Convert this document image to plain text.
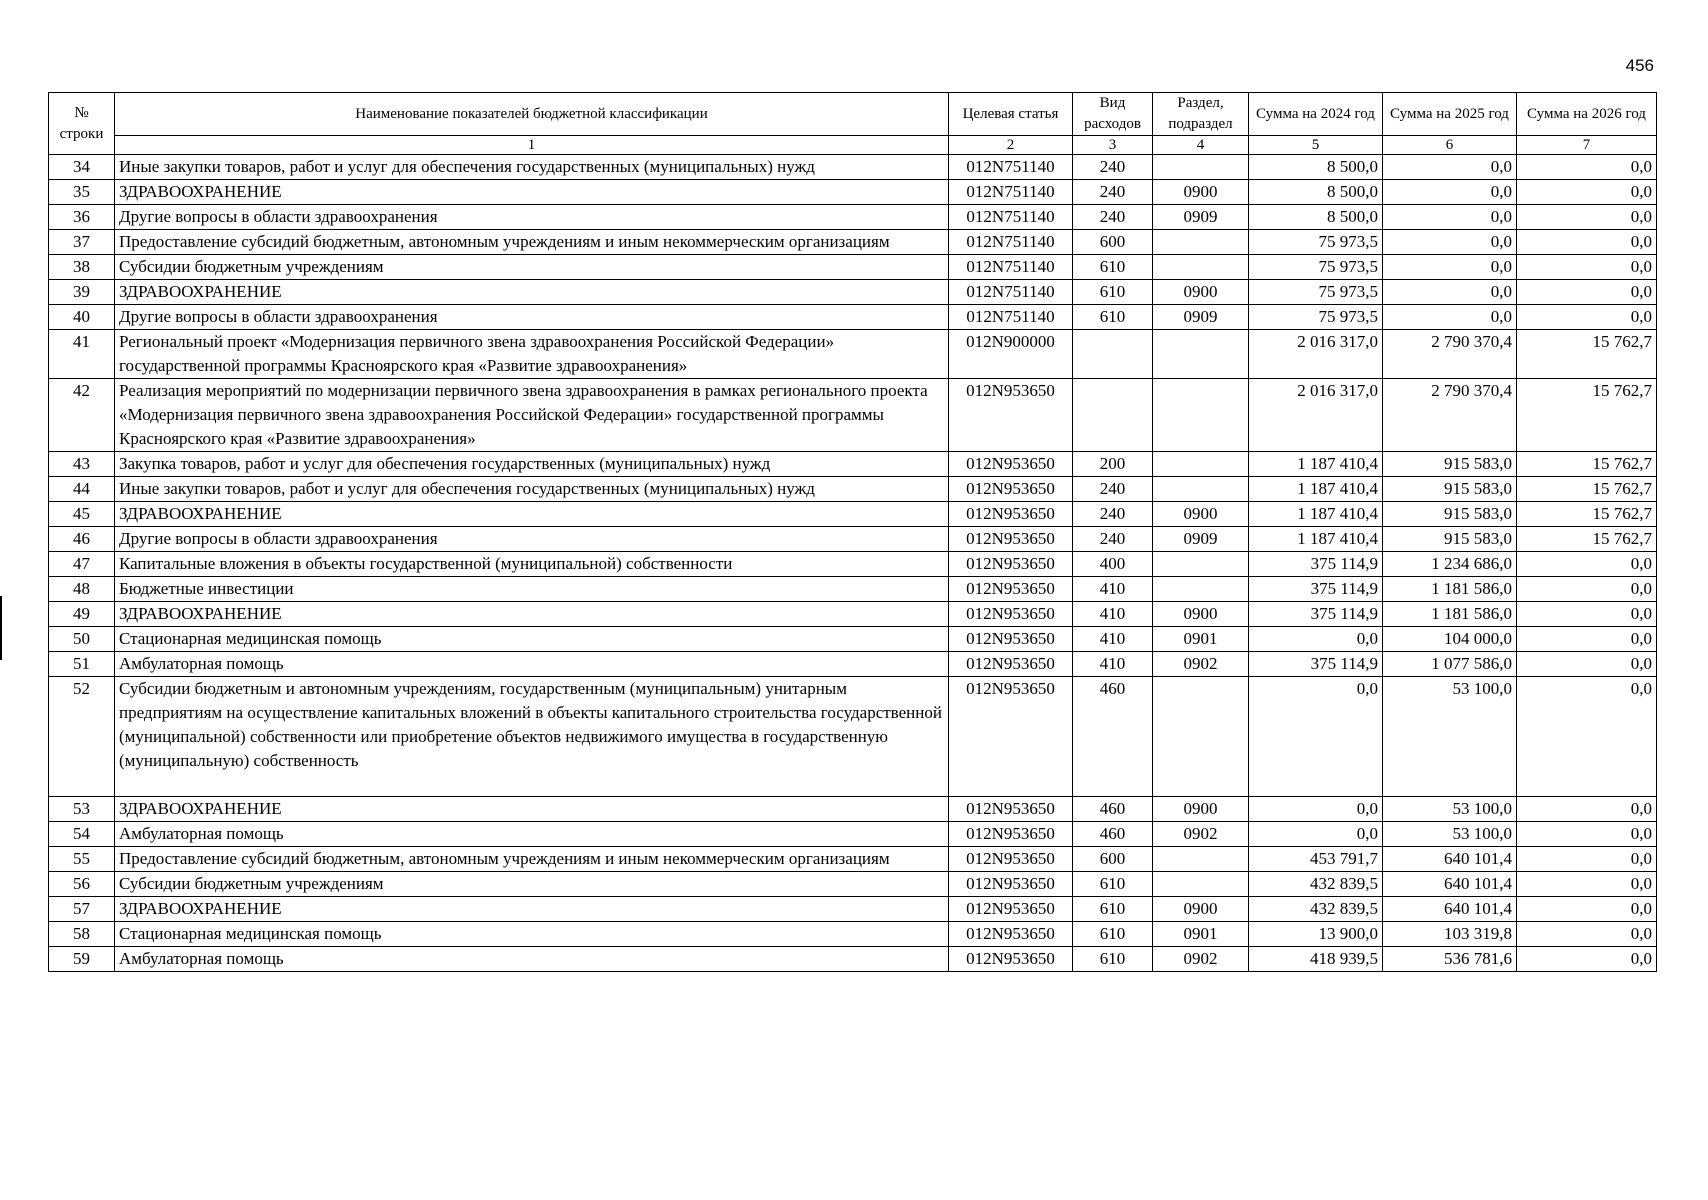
456
№ строки	Наименование показателей бюджетной классификации	Целевая статья	Вид расходов	Раздел, подраздел	Сумма на 2024 год	Сумма на 2025 год	Сумма на 2026 год
	1	2	3	4	5	6	7
34	Иные закупки товаров, работ и услуг для обеспечения государственных (муниципальных) нужд	012N751140	240		8 500,0	0,0	0,0
35	ЗДРАВООХРАНЕНИЕ	012N751140	240	0900	8 500,0	0,0	0,0
36	Другие вопросы в области здравоохранения	012N751140	240	0909	8 500,0	0,0	0,0
37	Предоставление субсидий бюджетным, автономным учреждениям и иным некоммерческим организациям	012N751140	600		75 973,5	0,0	0,0
38	Субсидии бюджетным учреждениям	012N751140	610		75 973,5	0,0	0,0
39	ЗДРАВООХРАНЕНИЕ	012N751140	610	0900	75 973,5	0,0	0,0
40	Другие вопросы в области здравоохранения	012N751140	610	0909	75 973,5	0,0	0,0
41	Региональный проект «Модернизация первичного звена здравоохранения Российской Федерации» государственной программы Красноярского края «Развитие здравоохранения»	012N900000			2 016 317,0	2 790 370,4	15 762,7
42	Реализация мероприятий по модернизации первичного звена здравоохранения в рамках регионального проекта «Модернизация первичного звена здравоохранения Российской Федерации» государственной программы Красноярского края «Развитие здравоохранения»	012N953650			2 016 317,0	2 790 370,4	15 762,7
43	Закупка товаров, работ и услуг для обеспечения государственных (муниципальных) нужд	012N953650	200		1 187 410,4	915 583,0	15 762,7
44	Иные закупки товаров, работ и услуг для обеспечения государственных (муниципальных) нужд	012N953650	240		1 187 410,4	915 583,0	15 762,7
45	ЗДРАВООХРАНЕНИЕ	012N953650	240	0900	1 187 410,4	915 583,0	15 762,7
46	Другие вопросы в области здравоохранения	012N953650	240	0909	1 187 410,4	915 583,0	15 762,7
47	Капитальные вложения в объекты государственной (муниципальной) собственности	012N953650	400		375 114,9	1 234 686,0	0,0
48	Бюджетные инвестиции	012N953650	410		375 114,9	1 181 586,0	0,0
49	ЗДРАВООХРАНЕНИЕ	012N953650	410	0900	375 114,9	1 181 586,0	0,0
50	Стационарная медицинская помощь	012N953650	410	0901	0,0	104 000,0	0,0
51	Амбулаторная помощь	012N953650	410	0902	375 114,9	1 077 586,0	0,0
52	Субсидии бюджетным и автономным учреждениям, государственным (муниципальным) унитарным предприятиям на осуществление капитальных вложений в объекты капитального строительства государственной (муниципальной) собственности или приобретение объектов недвижимого имущества в государственную (муниципальную) собственность	012N953650	460		0,0	53 100,0	0,0
53	ЗДРАВООХРАНЕНИЕ	012N953650	460	0900	0,0	53 100,0	0,0
54	Амбулаторная помощь	012N953650	460	0902	0,0	53 100,0	0,0
55	Предоставление субсидий бюджетным, автономным учреждениям и иным некоммерческим организациям	012N953650	600		453 791,7	640 101,4	0,0
56	Субсидии бюджетным учреждениям	012N953650	610		432 839,5	640 101,4	0,0
57	ЗДРАВООХРАНЕНИЕ	012N953650	610	0900	432 839,5	640 101,4	0,0
58	Стационарная медицинская помощь	012N953650	610	0901	13 900,0	103 319,8	0,0
59	Амбулаторная помощь	012N953650	610	0902	418 939,5	536 781,6	0,0
